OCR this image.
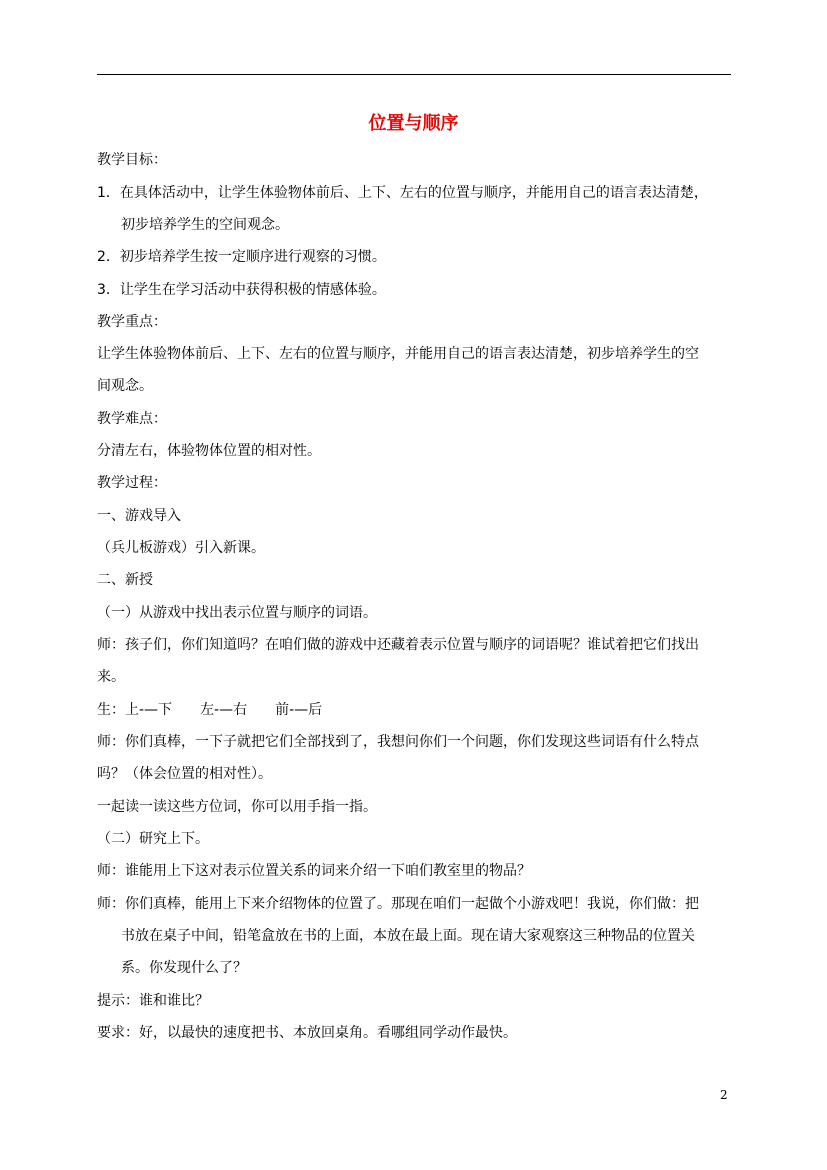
位置与顺序
教学目标：
1．在具体活动中，让学生体验物体前后、上下、左右的位置与顺序，并能用自己的语言表达清楚，
初步培养学生的空间观念。
2．初步培养学生按一定顺序进行观察的习惯。
3．让学生在学习活动中获得积极的情感体验。
教学重点：
让学生体验物体前后、上下、左右的位置与顺序，并能用自己的语言表达清楚，初步培养学生的空
间观念。
教学难点：
分清左右，体验物体位置的相对性。
教学过程：
一、游戏导入
（兵儿板游戏）引入新课。
二、新授
（一）从游戏中找出表示位置与顺序的词语。
师：孩子们，你们知道吗？在咱们做的游戏中还藏着表示位置与顺序的词语呢？谁试着把它们找出
来。
生：上-—下 左-—右 前-—后
师：你们真棒，一下子就把它们全部找到了，我想问你们一个问题，你们发现这些词语有什么特点
吗？（体会位置的相对性）。
一起读一读这些方位词，你可以用手指一指。
（二）研究上下。
师：谁能用上下这对表示位置关系的词来介绍一下咱们教室里的物品？
师：你们真棒，能用上下来介绍物体的位置了。那现在咱们一起做个小游戏吧！我说，你们做：把
书放在桌子中间，铅笔盒放在书的上面，本放在最上面。现在请大家观察这三种物品的位置关
系。你发现什么了？
提示：谁和谁比？
要求：好，以最快的速度把书、本放回桌角。看哪组同学动作最快。
2
